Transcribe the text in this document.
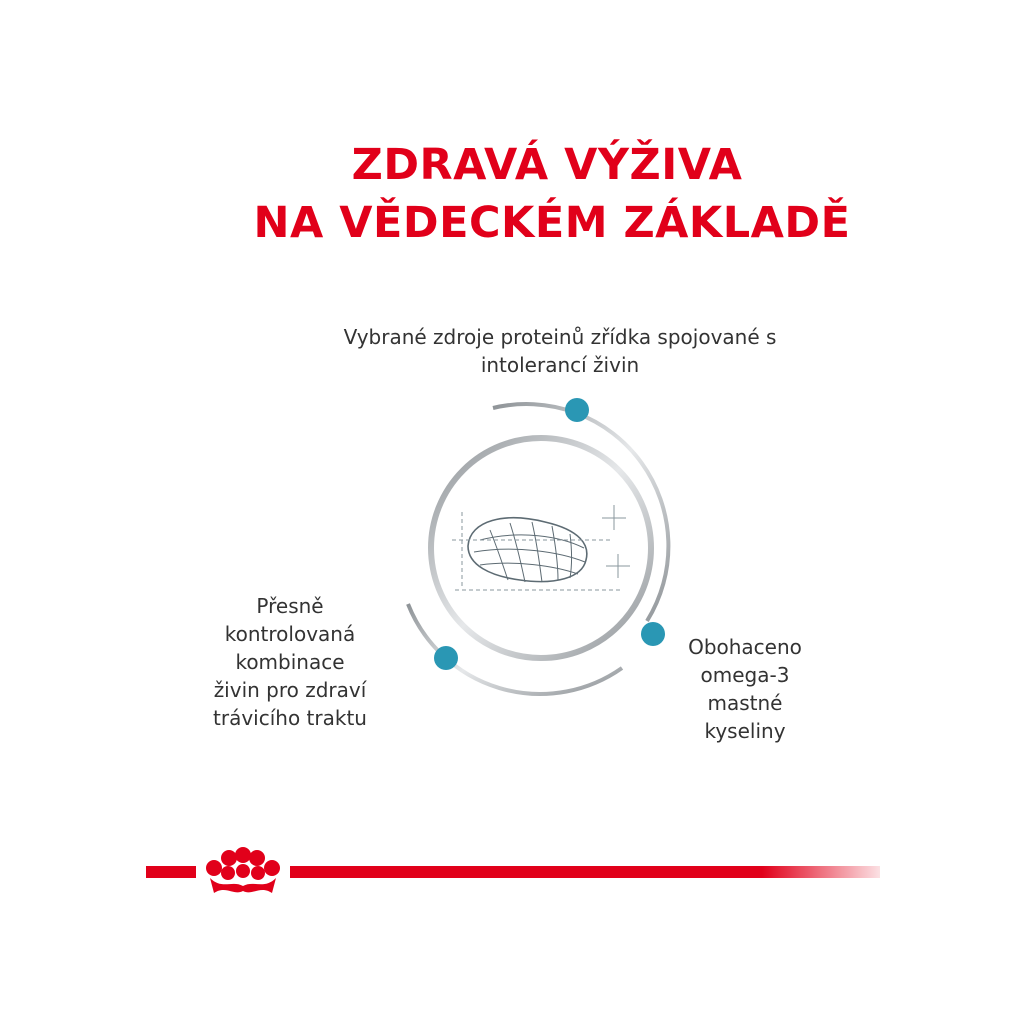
ZDRAVÁ VÝŽIVA
NA VĚDECKÉM ZÁKLADĚ

Vybrané zdroje proteinů zřídka spojované s
intolerancí živin

Přesně
kontrolovaná
kombinace
živin pro zdraví
trávicího traktu

Obohaceno
omega-3
mastné
kyseliny
